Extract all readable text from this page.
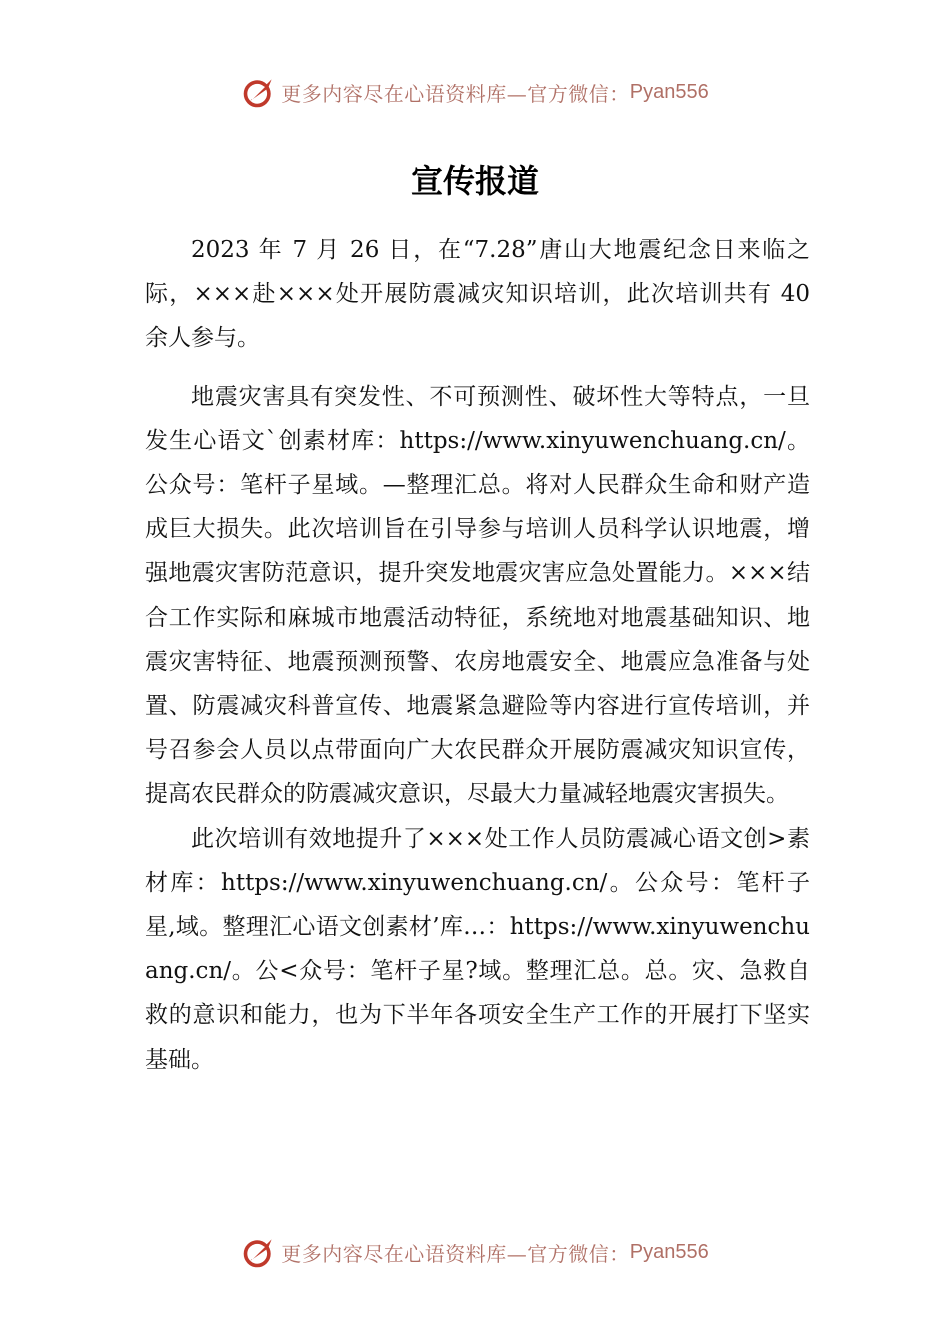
更多内容尽在心语资料库—官方微信： Pyan556
宣传报道

2023 年 7 月 26 日，在“7.28”唐山大地震纪念日来临之际，×××赴×××处开展防震减灾知识培训，此次培训共有 40 余人参与。

地震灾害具有突发性、不可预测性、破坏性大等特点，一旦发生心语文`创素材库：https://www.xinyuwenchuang.cn/。公众号：笔杆子星域。—整理汇总。将对人民群众生命和财产造成巨大损失。此次培训旨在引导参与培训人员科学认识地震，增强地震灾害防范意识，提升突发地震灾害应急处置能力。×××结合工作实际和麻城市地震活动特征，系统地对地震基础知识、地震灾害特征、地震预测预警、农房地震安全、地震应急准备与处置、防震减灾科普宣传、地震紧急避险等内容进行宣传培训，并号召参会人员以点带面向广大农民群众开展防震减灾知识宣传，提高农民群众的防震减灾意识，尽最大力量减轻地震灾害损失。

此次培训有效地提升了×××处工作人员防震减心语文创>素材库：https://www.xinyuwenchuang.cn/。公众号：笔杆子星,域。整理汇心语文创素材’库…：https://www.xinyuwenchuang.cn/。公<众号：笔杆子星?域。整理汇总。总。灾、急救自救的意识和能力，也为下半年各项安全生产工作的开展打下坚实基础。

更多内容尽在心语资料库—官方微信： Pyan556
